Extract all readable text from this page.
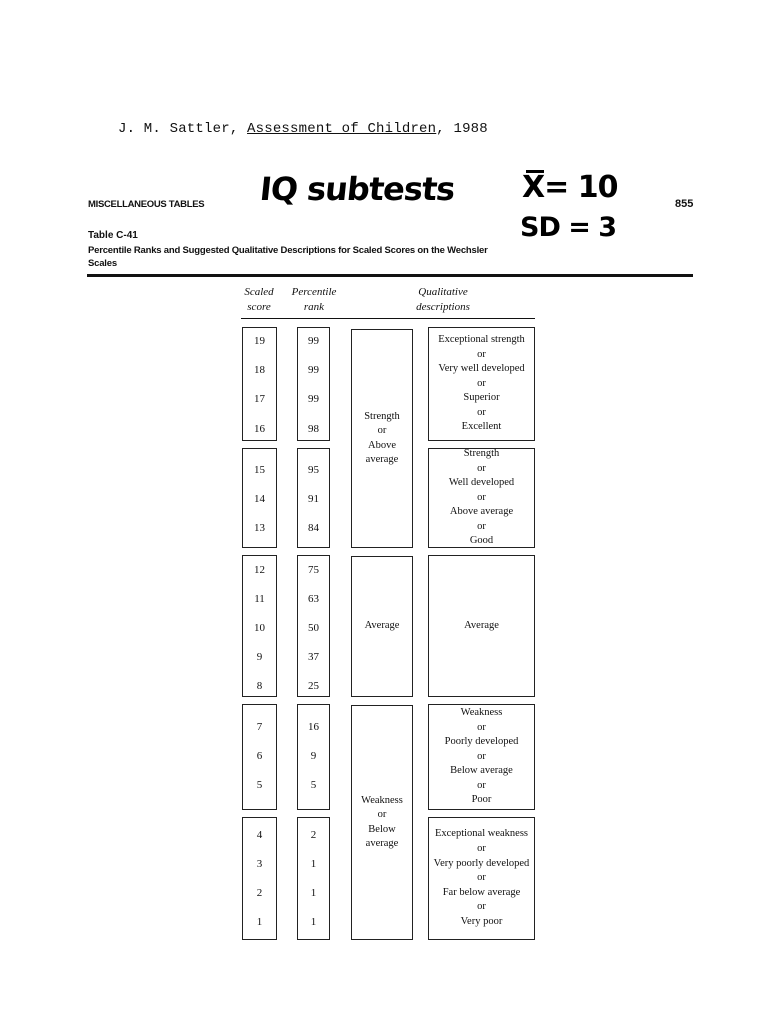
J. M. Sattler, Assessment of Children, 1988
MISCELLANEOUS TABLES	855
IQ subtests X= 10
SD = 3
Table C-41
Percentile Ranks and Suggested Qualitative Descriptions for Scaled Scores on the Wechsler Scales
Scaled
score
Percentile
rank
Qualitative
descriptions
19
18
17
16
99
99
99
98
Exceptional strength
or
Very well developed
or
Superior
or
Excellent
15
14
13
95
91
84
Strength
or
Well developed
or
Above average
or
Good
12
11
10
9
8
75
63
50
37
25
Average
7
6
5
16
9
5
Weakness
or
Poorly developed
or
Below average
or
Poor
4
3
2
1
2
1
1
1
Exceptional weakness
or
Very poorly developed
or
Far below average
or
Very poor
Strength
or
Above
average
Average
Weakness
or
Below
average
